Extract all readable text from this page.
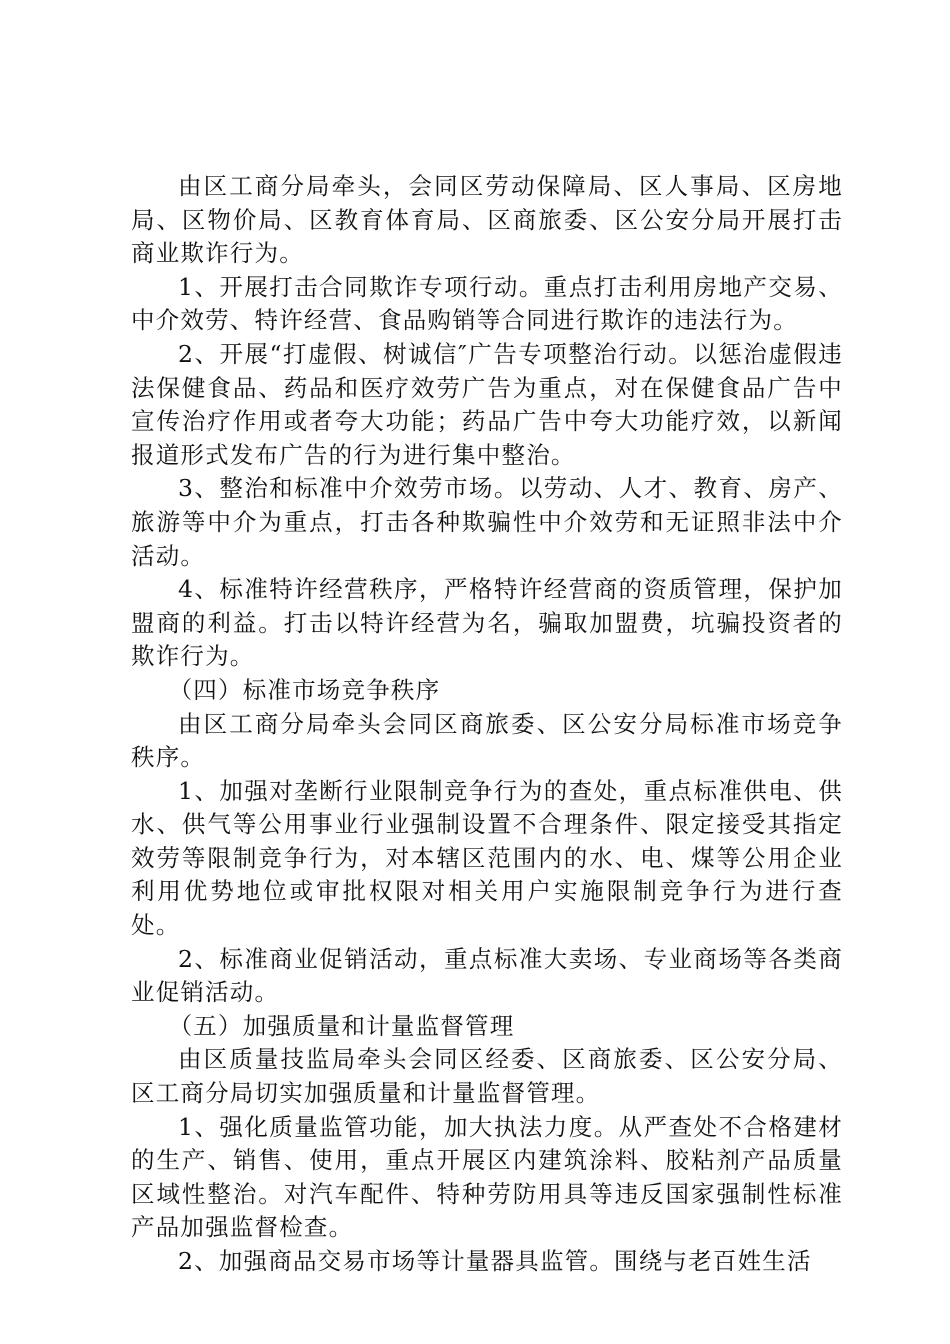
由区工商分局牵头，会同区劳动保障局、区人事局、区房地局、区物价局、区教育体育局、区商旅委、区公安分局开展打击商业欺诈行为。

1、开展打击合同欺诈专项行动。重点打击利用房地产交易、中介效劳、特许经营、食品购销等合同进行欺诈的违法行为。

2、开展“打虚假、树诚信″广告专项整治行动。以惩治虚假违法保健食品、药品和医疗效劳广告为重点，对在保健食品广告中宣传治疗作用或者夸大功能；药品广告中夸大功能疗效，以新闻报道形式发布广告的行为进行集中整治。

3、整治和标准中介效劳市场。以劳动、人才、教育、房产、旅游等中介为重点，打击各种欺骗性中介效劳和无证照非法中介活动。

4、标准特许经营秩序，严格特许经营商的资质管理，保护加盟商的利益。打击以特许经营为名，骗取加盟费，坑骗投资者的欺诈行为。

（四）标准市场竞争秩序

由区工商分局牵头会同区商旅委、区公安分局标准市场竞争秩序。

1、加强对垄断行业限制竞争行为的查处，重点标准供电、供水、供气等公用事业行业强制设置不合理条件、限定接受其指定效劳等限制竞争行为，对本辖区范围内的水、电、煤等公用企业利用优势地位或审批权限对相关用户实施限制竞争行为进行查处。

2、标准商业促销活动，重点标准大卖场、专业商场等各类商业促销活动。

（五）加强质量和计量监督管理

由区质量技监局牵头会同区经委、区商旅委、区公安分局、区工商分局切实加强质量和计量监督管理。

1、强化质量监管功能，加大执法力度。从严查处不合格建材的生产、销售、使用，重点开展区内建筑涂料、胶粘剂产品质量区域性整治。对汽车配件、特种劳防用具等违反国家强制性标准产品加强监督检查。

2、加强商品交易市场等计量器具监管。围绕与老百姓生活
